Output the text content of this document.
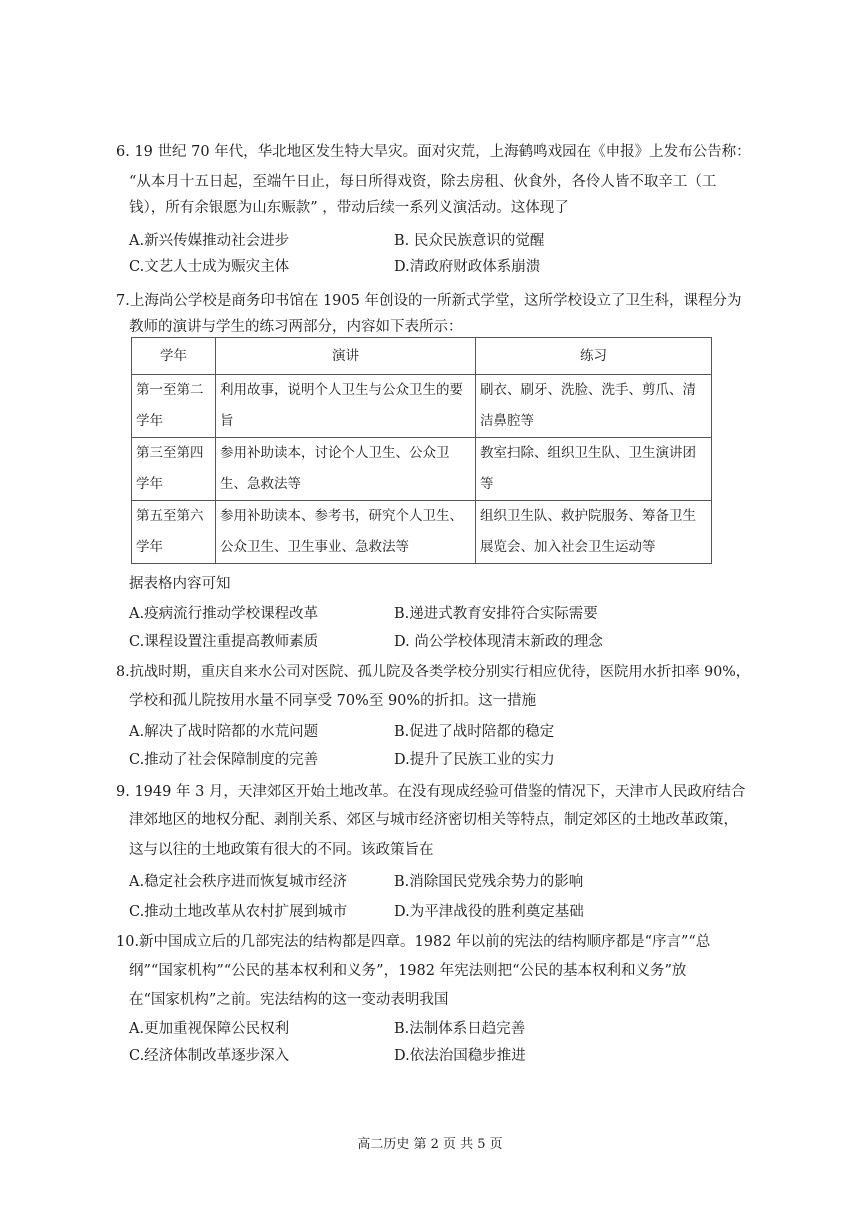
6. 19 世纪 70 年代，华北地区发生特大旱灾。面对灾荒，上海鹤鸣戏园在《申报》上发布公告称：
“从本月十五日起，至端午日止，每日所得戏资，除去房租、伙食外，各伶人皆不取辛工（工
钱），所有余银愿为山东赈款” ，带动后续一系列义演活动。这体现了
A.新兴传媒推动社会进步	B. 民众民族意识的觉醒
C.文艺人士成为赈灾主体	D.清政府财政体系崩溃
7.上海尚公学校是商务印书馆在 1905 年创设的一所新式学堂，这所学校设立了卫生科，课程分为
教师的演讲与学生的练习两部分，内容如下表所示：
学年	演讲	练习
第一至第二学年	利用故事，说明个人卫生与公众卫生的要旨	刷衣、刷牙、洗脸、洗手、剪爪、清洁鼻腔等
第三至第四学年	参用补助读本，讨论个人卫生、公众卫生、急救法等	教室扫除、组织卫生队、卫生演讲团等
第五至第六学年	参用补助读本、参考书，研究个人卫生、公众卫生、卫生事业、急救法等	组织卫生队、救护院服务、筹备卫生展览会、加入社会卫生运动等
据表格内容可知
A.疫病流行推动学校课程改革	B.递进式教育安排符合实际需要
C.课程设置注重提高教师素质	D. 尚公学校体现清末新政的理念
8.抗战时期，重庆自来水公司对医院、孤儿院及各类学校分别实行相应优待，医院用水折扣率 90%，
学校和孤儿院按用水量不同享受 70%至 90%的折扣。这一措施
A.解决了战时陪都的水荒问题	B.促进了战时陪都的稳定
C.推动了社会保障制度的完善	D.提升了民族工业的实力
9. 1949 年 3 月，天津郊区开始土地改革。在没有现成经验可借鉴的情况下，天津市人民政府结合
津郊地区的地权分配、剥削关系、郊区与城市经济密切相关等特点，制定郊区的土地改革政策，
这与以往的土地政策有很大的不同。该政策旨在
A.稳定社会秩序进而恢复城市经济	B.消除国民党残余势力的影响
C.推动土地改革从农村扩展到城市	D.为平津战役的胜利奠定基础
10.新中国成立后的几部宪法的结构都是四章。1982 年以前的宪法的结构顺序都是“序言”“总
纲”“国家机构”“公民的基本权利和义务”，1982 年宪法则把“公民的基本权利和义务”放
在“国家机构”之前。宪法结构的这一变动表明我国
A.更加重视保障公民权利	B.法制体系日趋完善
C.经济体制改革逐步深入	D.依法治国稳步推进
高二历史 第 2 页 共 5 页
